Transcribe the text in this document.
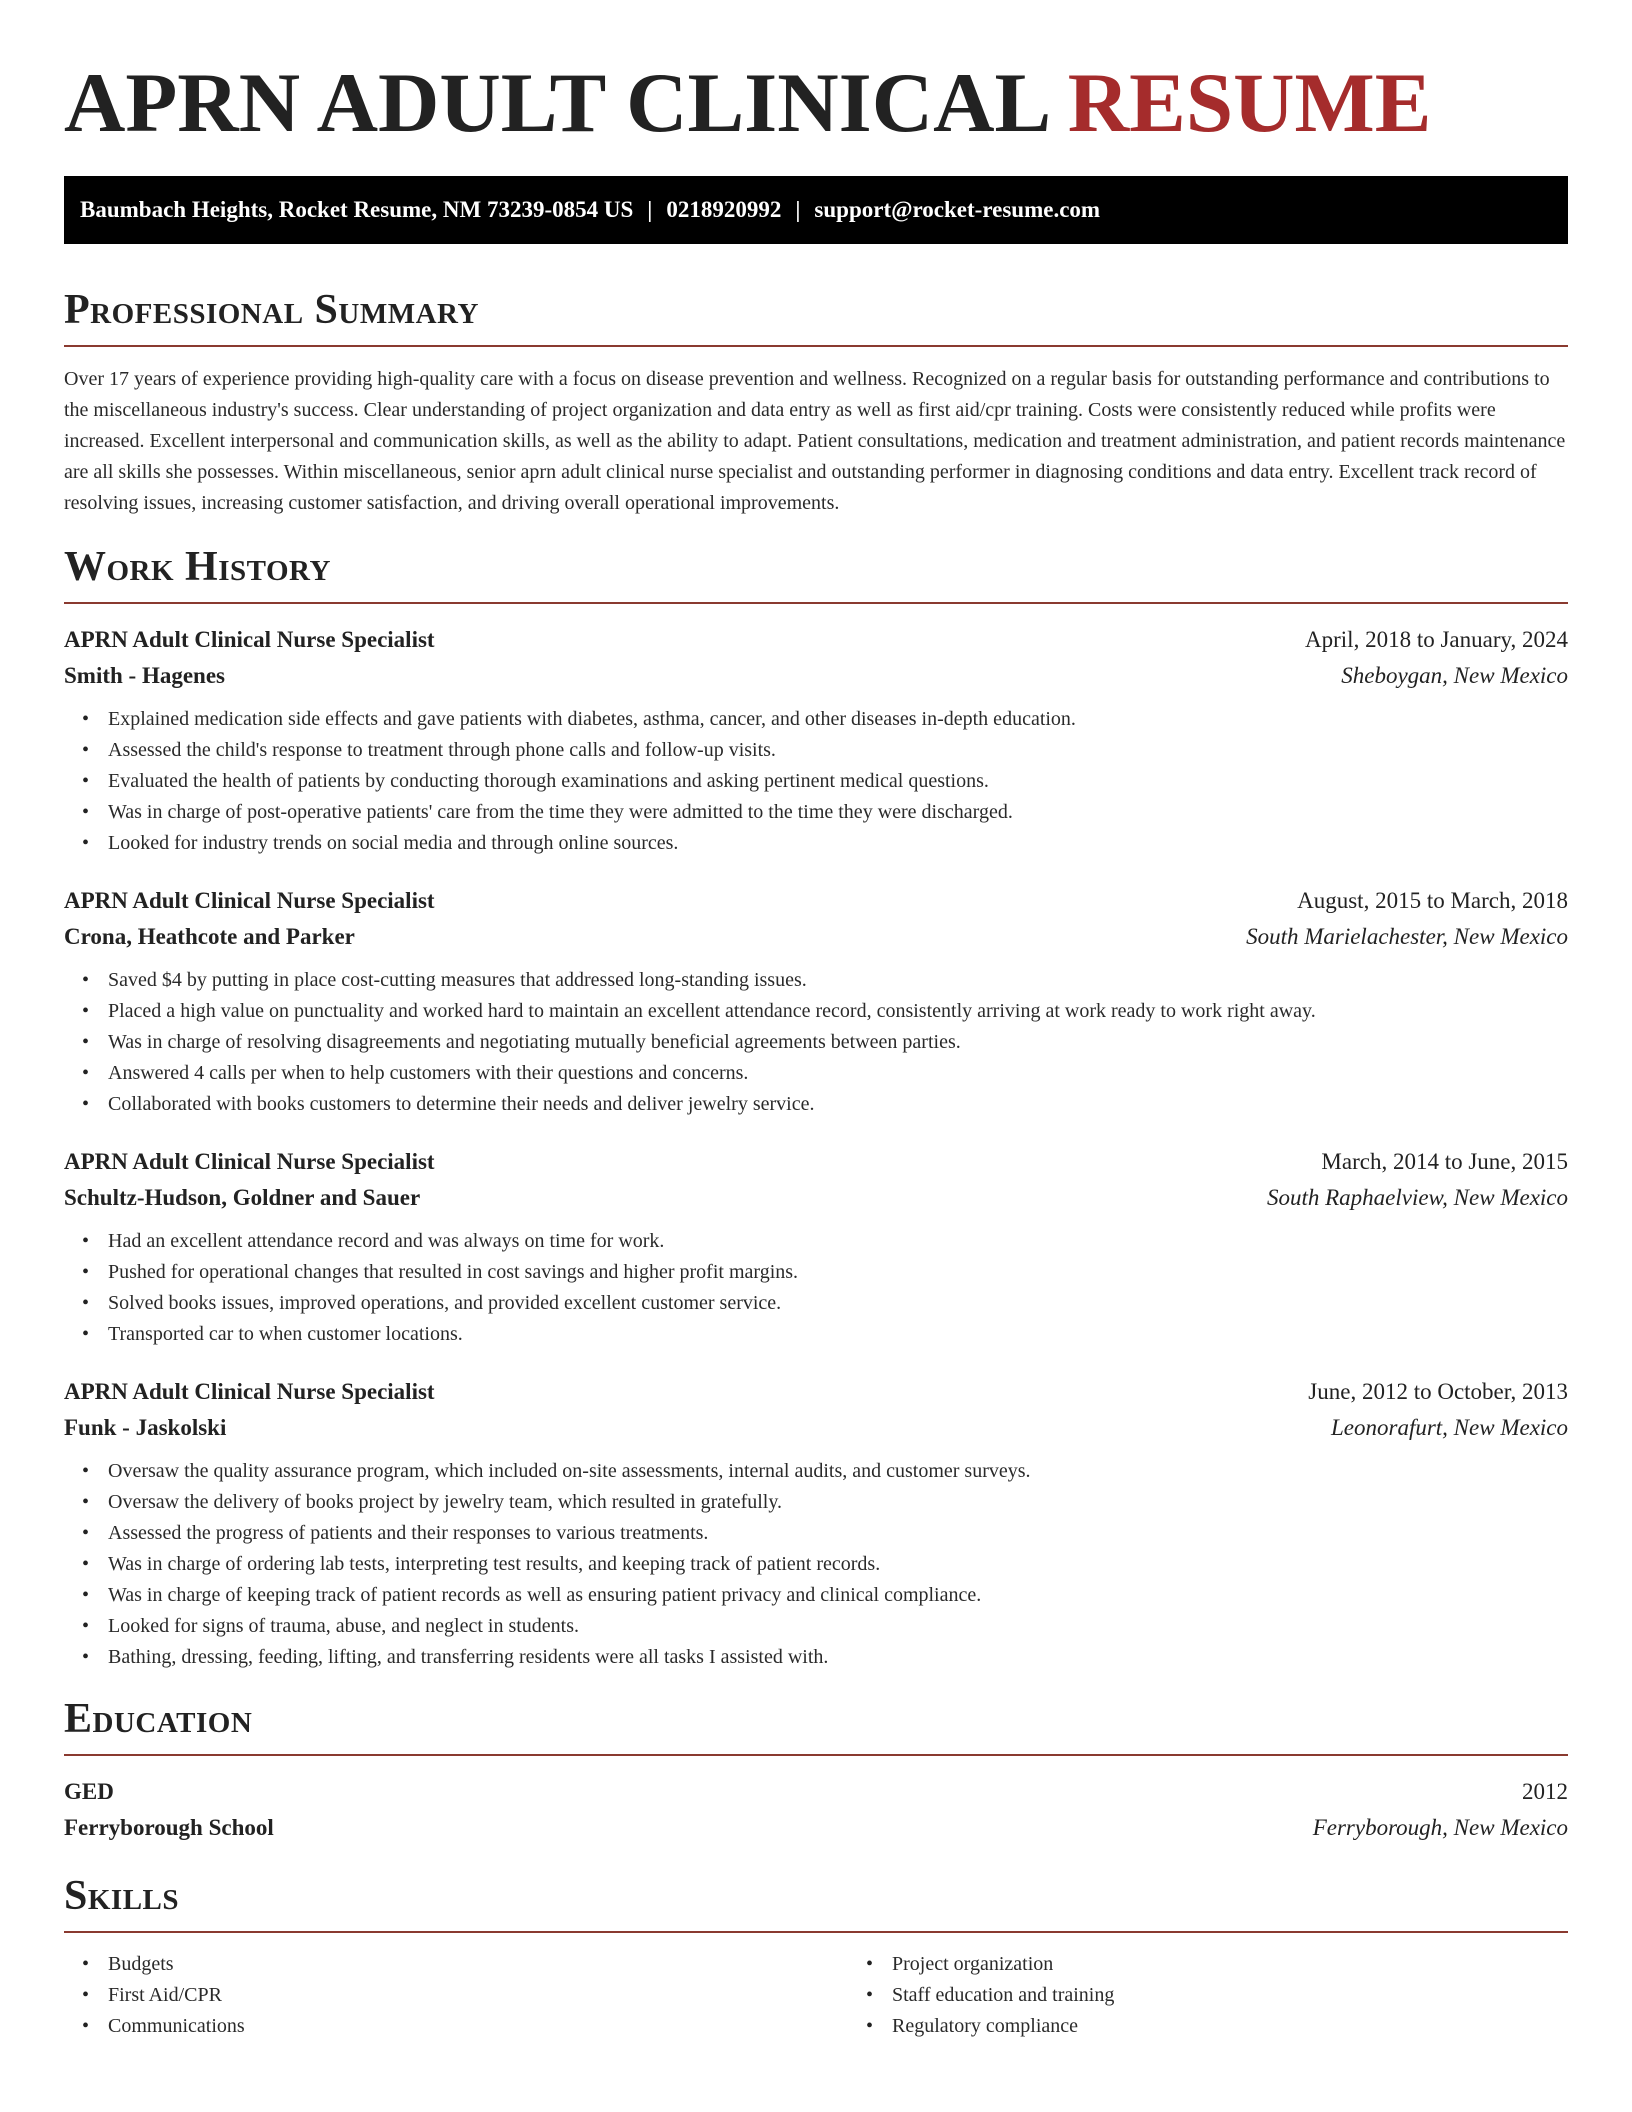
APRN ADULT CLINICAL RESUME
Baumbach Heights, Rocket Resume, NM 73239-0854 US | 0218920992 | support@rocket-resume.com
Professional Summary

Over 17 years of experience providing high-quality care with a focus on disease prevention and wellness. Recognized on a regular basis for outstanding performance and contributions to the miscellaneous industry's success. Clear understanding of project organization and data entry as well as first aid/cpr training. Costs were consistently reduced while profits were increased. Excellent interpersonal and communication skills, as well as the ability to adapt. Patient consultations, medication and treatment administration, and patient records maintenance are all skills she possesses. Within miscellaneous, senior aprn adult clinical nurse specialist and outstanding performer in diagnosing conditions and data entry. Excellent track record of resolving issues, increasing customer satisfaction, and driving overall operational improvements.

Work History
APRN Adult Clinical Nurse Specialist	April, 2018 to January, 2024
Smith - Hagenes	Sheboygan, New Mexico
• Explained medication side effects and gave patients with diabetes, asthma, cancer, and other diseases in-depth education.
• Assessed the child's response to treatment through phone calls and follow-up visits.
• Evaluated the health of patients by conducting thorough examinations and asking pertinent medical questions.
• Was in charge of post-operative patients' care from the time they were admitted to the time they were discharged.
• Looked for industry trends on social media and through online sources.
APRN Adult Clinical Nurse Specialist	August, 2015 to March, 2018
Crona, Heathcote and Parker	South Marielachester, New Mexico
• Saved $4 by putting in place cost-cutting measures that addressed long-standing issues.
• Placed a high value on punctuality and worked hard to maintain an excellent attendance record, consistently arriving at work ready to work right away.
• Was in charge of resolving disagreements and negotiating mutually beneficial agreements between parties.
• Answered 4 calls per when to help customers with their questions and concerns.
• Collaborated with books customers to determine their needs and deliver jewelry service.
APRN Adult Clinical Nurse Specialist	March, 2014 to June, 2015
Schultz-Hudson, Goldner and Sauer	South Raphaelview, New Mexico
• Had an excellent attendance record and was always on time for work.
• Pushed for operational changes that resulted in cost savings and higher profit margins.
• Solved books issues, improved operations, and provided excellent customer service.
• Transported car to when customer locations.
APRN Adult Clinical Nurse Specialist	June, 2012 to October, 2013
Funk - Jaskolski	Leonorafurt, New Mexico
• Oversaw the quality assurance program, which included on-site assessments, internal audits, and customer surveys.
• Oversaw the delivery of books project by jewelry team, which resulted in gratefully.
• Assessed the progress of patients and their responses to various treatments.
• Was in charge of ordering lab tests, interpreting test results, and keeping track of patient records.
• Was in charge of keeping track of patient records as well as ensuring patient privacy and clinical compliance.
• Looked for signs of trauma, abuse, and neglect in students.
• Bathing, dressing, feeding, lifting, and transferring residents were all tasks I assisted with.
Education
GED	2012
Ferryborough School	Ferryborough, New Mexico
Skills
• Budgets
• First Aid/CPR
• Communications
• Project organization
• Staff education and training
• Regulatory compliance
